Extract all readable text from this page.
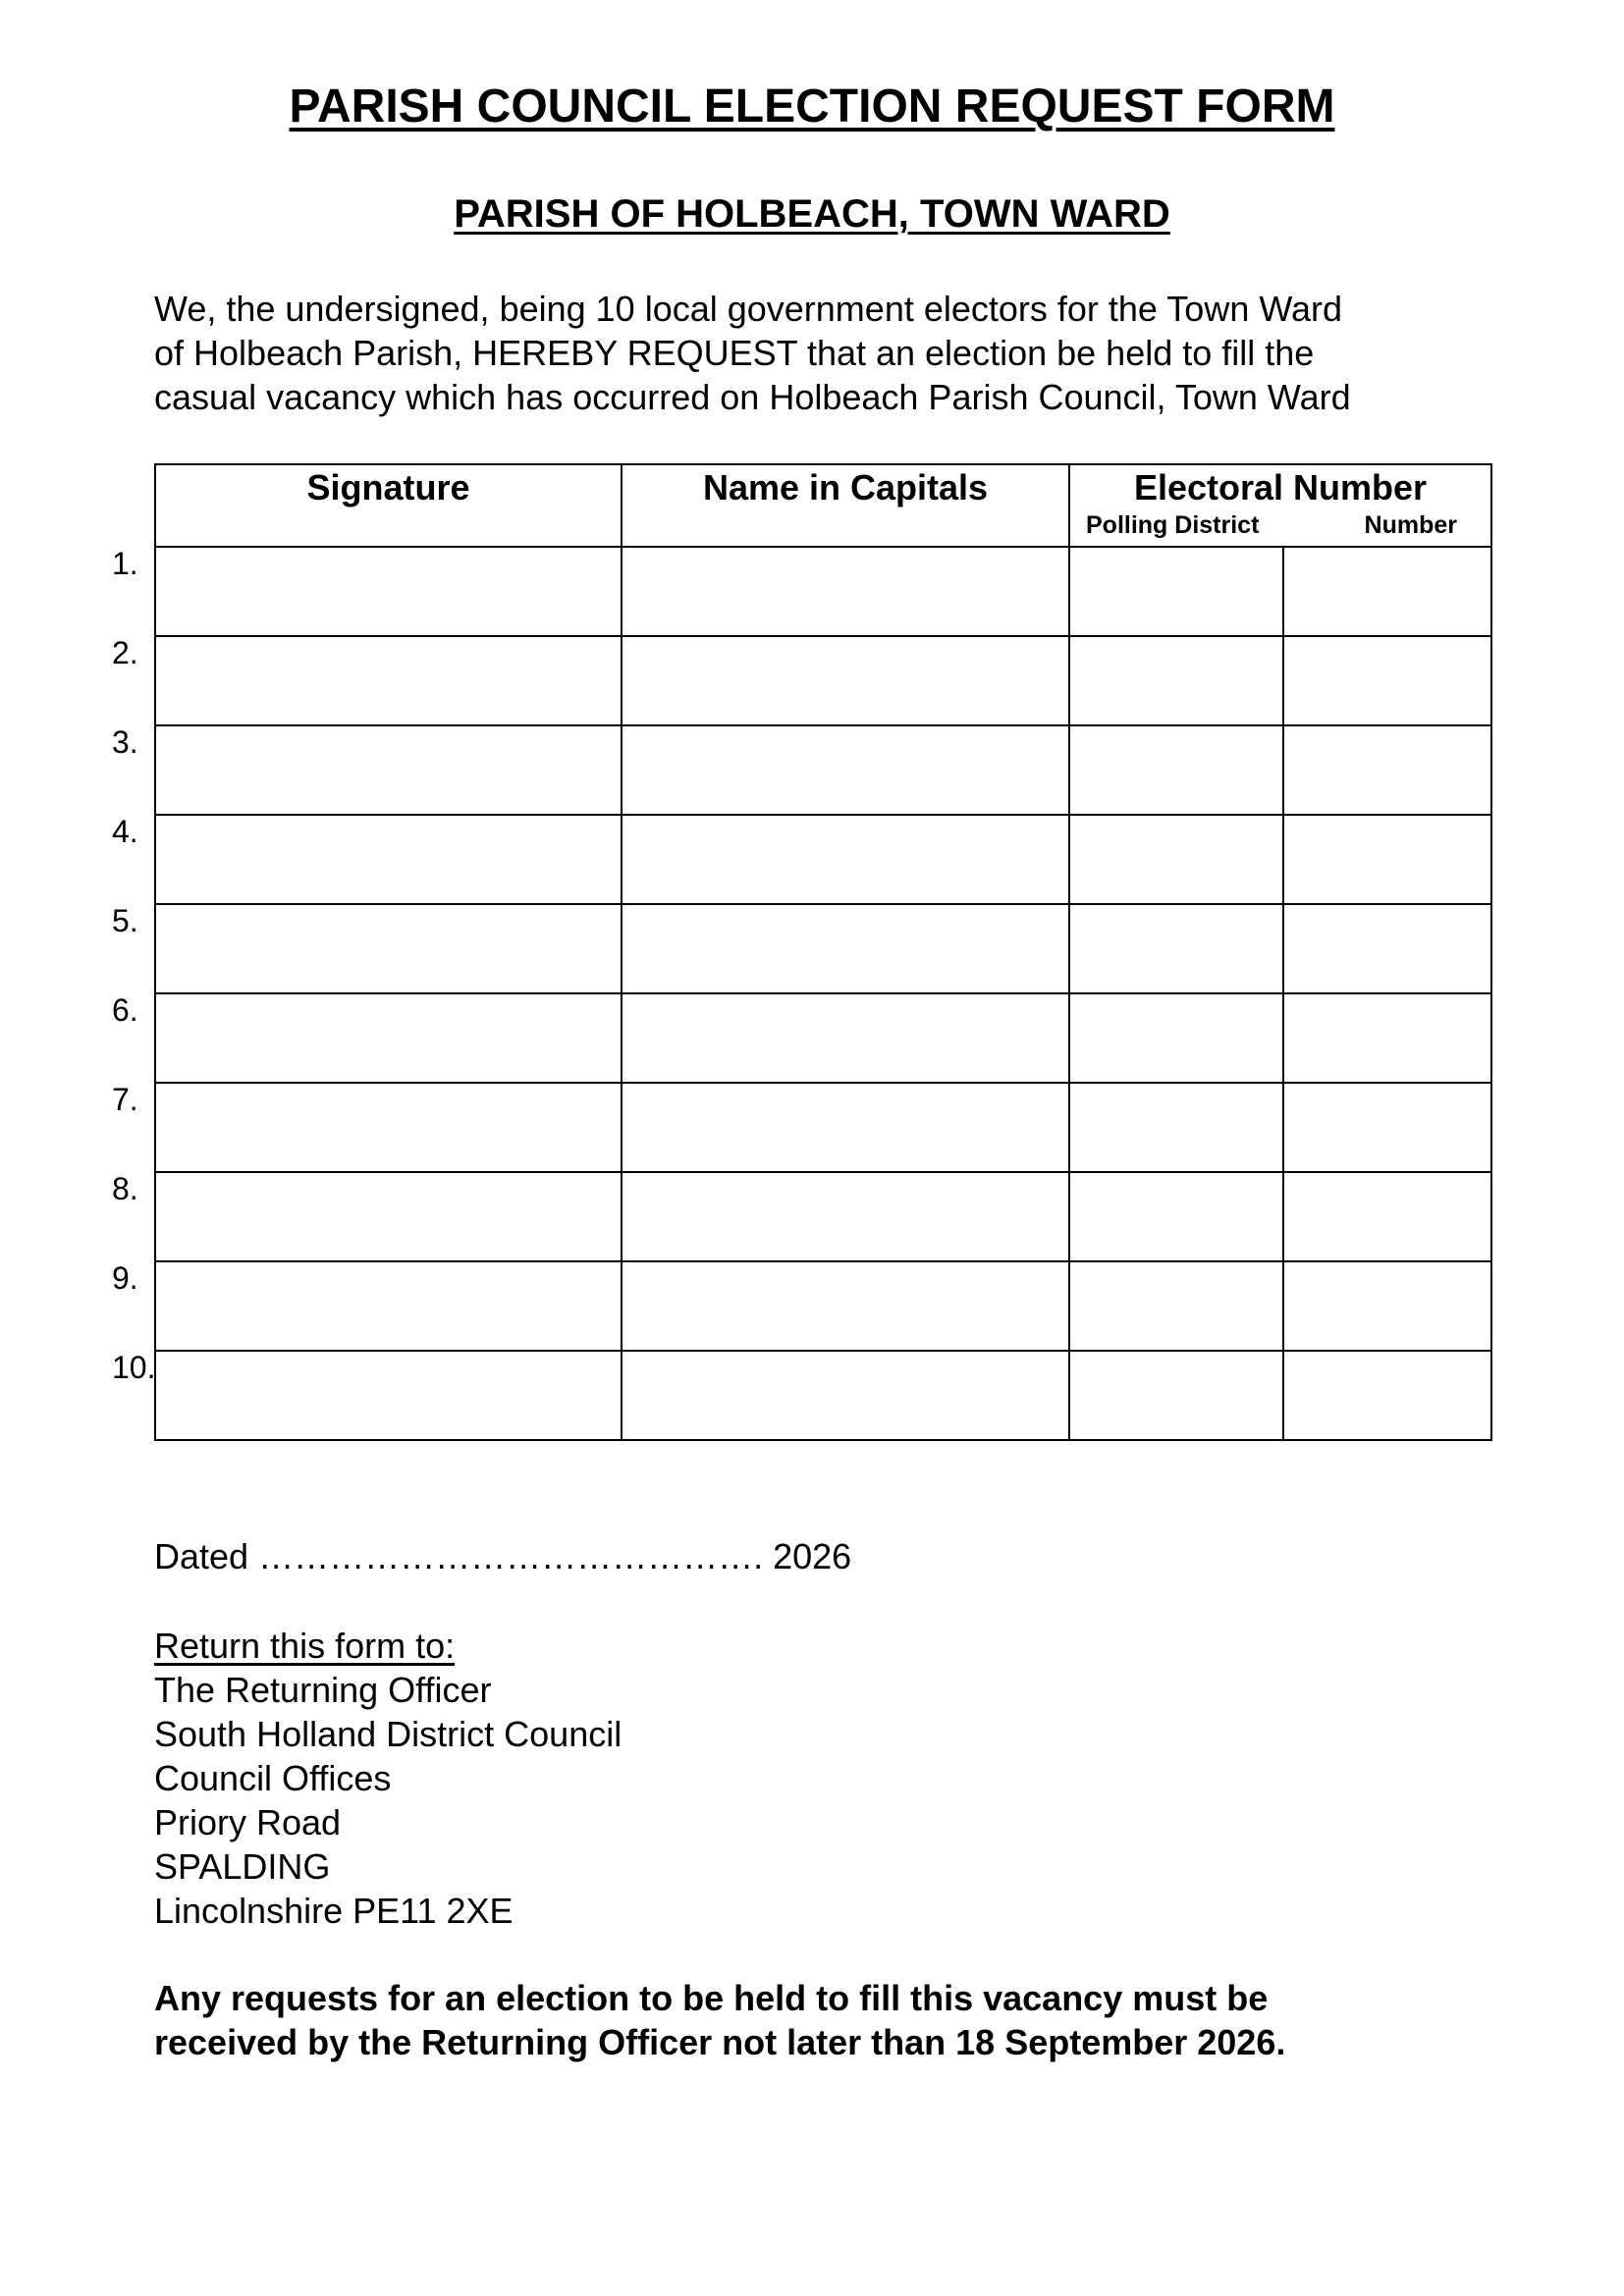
PARISH COUNCIL ELECTION REQUEST FORM
PARISH OF HOLBEACH, TOWN WARD
We, the undersigned, being 10 local government electors for the Town Ward
of Holbeach Parish, HEREBY REQUEST that an election be held to fill the
casual vacancy which has occurred on Holbeach Parish Council, Town Ward
Signature	Name in Capitals	Electoral Number
Polling District Number	

1.
2.
3.
4.
5.
6.
7.
8.
9.
10.
Dated ……………………………………. 2026
Return this form to:
The Returning Officer
South Holland District Council
Council Offices
Priory Road
SPALDING
Lincolnshire PE11 2XE
Any requests for an election to be held to fill this vacancy must be
received by the Returning Officer not later than 18 September 2026.
